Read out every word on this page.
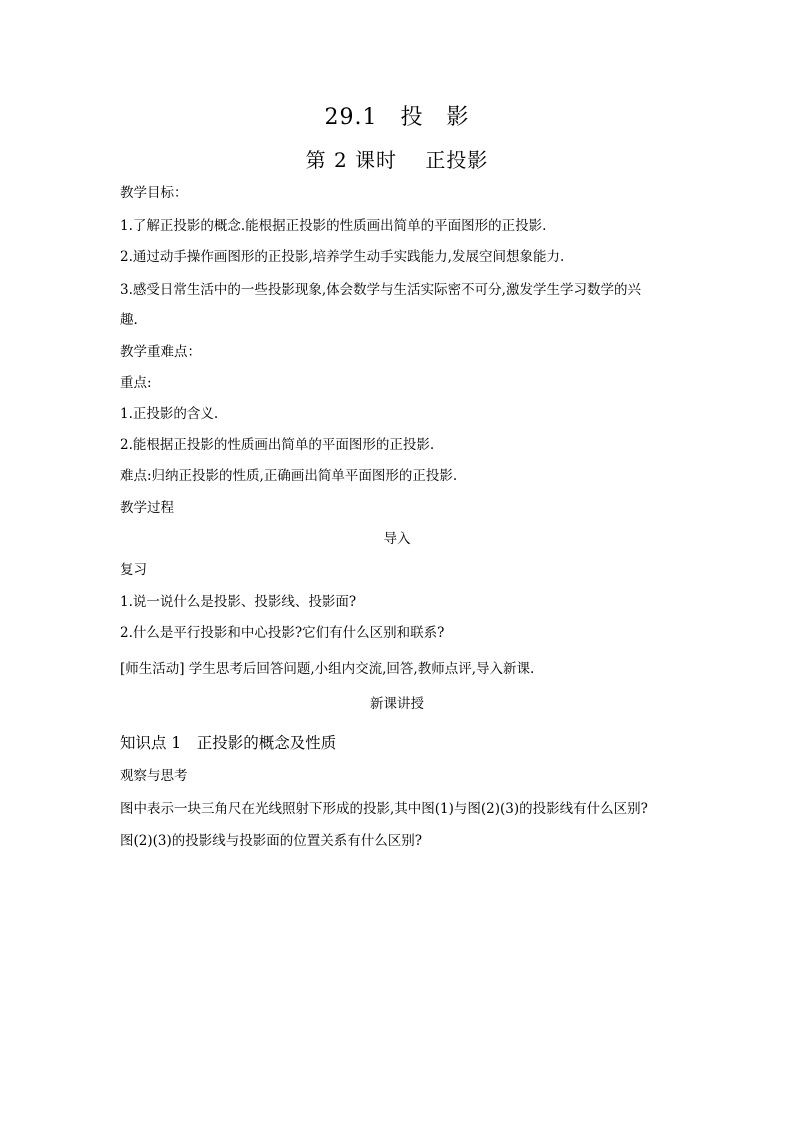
29.1　投　影
第 2 课时　 正投影
教学目标：
1.了解正投影的概念.能根据正投影的性质画出简单的平面图形的正投影.
2.通过动手操作画图形的正投影,培养学生动手实践能力,发展空间想象能力.
3.感受日常生活中的一些投影现象,体会数学与生活实际密不可分,激发学生学习数学的兴
趣.
教学重难点：
重点:
1.正投影的含义.
2.能根据正投影的性质画出简单的平面图形的正投影.
难点:归纳正投影的性质,正确画出简单平面图形的正投影.
教学过程
导入
复习
1.说一说什么是投影、投影线、投影面?
2.什么是平行投影和中心投影?它们有什么区别和联系?
[师生活动] 学生思考后回答问题,小组内交流,回答,教师点评,导入新课.
新课讲授
知识点 1　正投影的概念及性质
观察与思考
图中表示一块三角尺在光线照射下形成的投影,其中图(1)与图(2)(3)的投影线有什么区别?
图(2)(3)的投影线与投影面的位置关系有什么区别?
